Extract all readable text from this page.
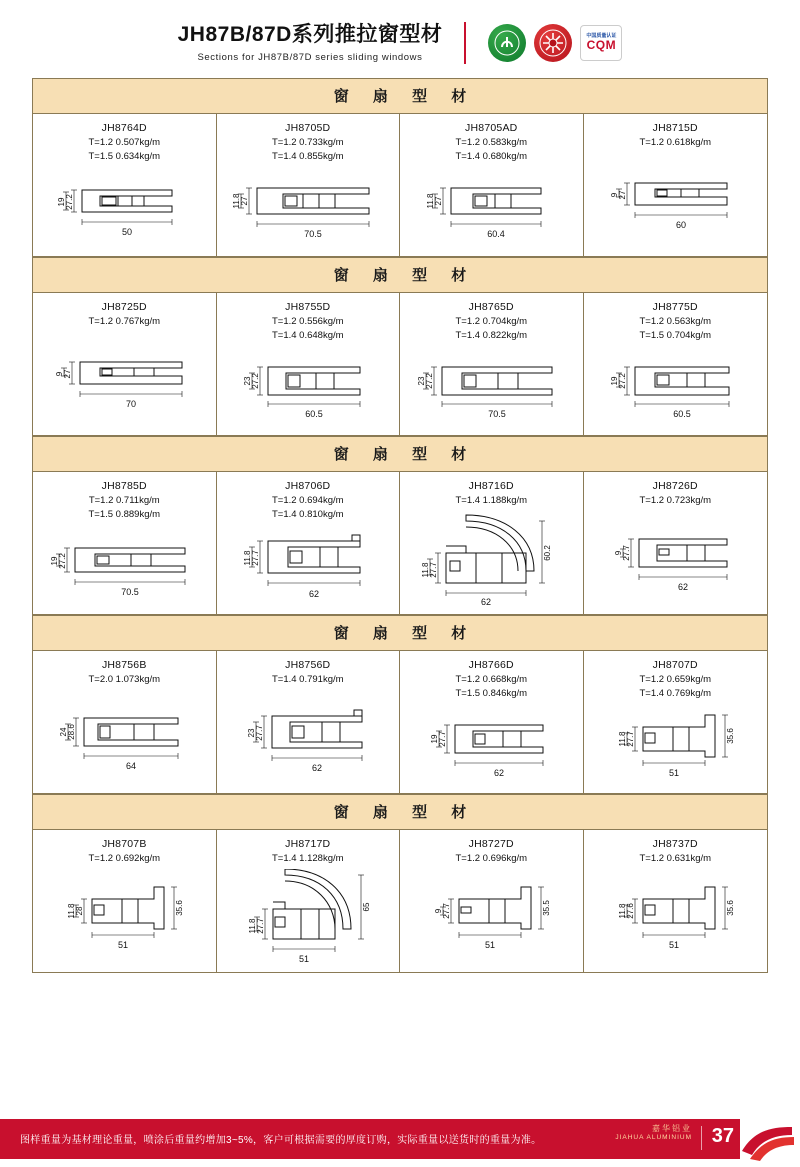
JH87B/87D系列推拉窗型材
Sections for JH87B/87D series sliding windows
中国质量认证
CQM
窗 扇 型 材
JH8764D
T=1.2 0.507kg/m
T=1.5 0.634kg/m
27.2
19
50
JH8705D
T=1.2 0.733kg/m
T=1.4 0.855kg/m
27
11.8
70.5
JH8705AD
T=1.2 0.583kg/m
T=1.4 0.680kg/m
27
11.8
60.4
JH8715D
T=1.2 0.618kg/m
27
9
60
窗 扇 型 材
JH8725D
T=1.2 0.767kg/m
27
9
70
JH8755D
T=1.2 0.556kg/m
T=1.4 0.648kg/m
27.2
23
60.5
JH8765D
T=1.2 0.704kg/m
T=1.4 0.822kg/m
27.2
23
70.5
JH8775D
T=1.2 0.563kg/m
T=1.5 0.704kg/m
27.2
19
60.5
窗 扇 型 材
JH8785D
T=1.2 0.711kg/m
T=1.5 0.889kg/m
27.2
19
70.5
JH8706D
T=1.2 0.694kg/m
T=1.4 0.810kg/m
27.7
11.8
62
JH8716D
T=1.4 1.188kg/m
27.7
11.8
60.2
62
JH8726D
T=1.2 0.723kg/m
27.7
9
62
窗 扇 型 材
JH8756B
T=2.0 1.073kg/m
28.6
24
64
JH8756D
T=1.4 0.791kg/m
27.7
23
62
JH8766D
T=1.2 0.668kg/m
T=1.5 0.846kg/m
27.7
19
62
JH8707D
T=1.2 0.659kg/m
T=1.4 0.769kg/m
27.7
11.8	35.6
51
窗 扇 型 材
JH8707B
T=1.2 0.692kg/m
28
11.8	35.6
51
JH8717D
T=1.4 1.128kg/m
27.7
11.8
65
51
JH8727D
T=1.2 0.696kg/m
27.7
9	35.5
51
JH8737D
T=1.2 0.631kg/m
27.6
11.8	35.6
51
图样重量为基材理论重量，喷涂后重量约增加3~5%，客户可根据需要的厚度订购，实际重量以送货时的重量为准。
嘉华铝业
JIAHUA ALUMINIUM 37
